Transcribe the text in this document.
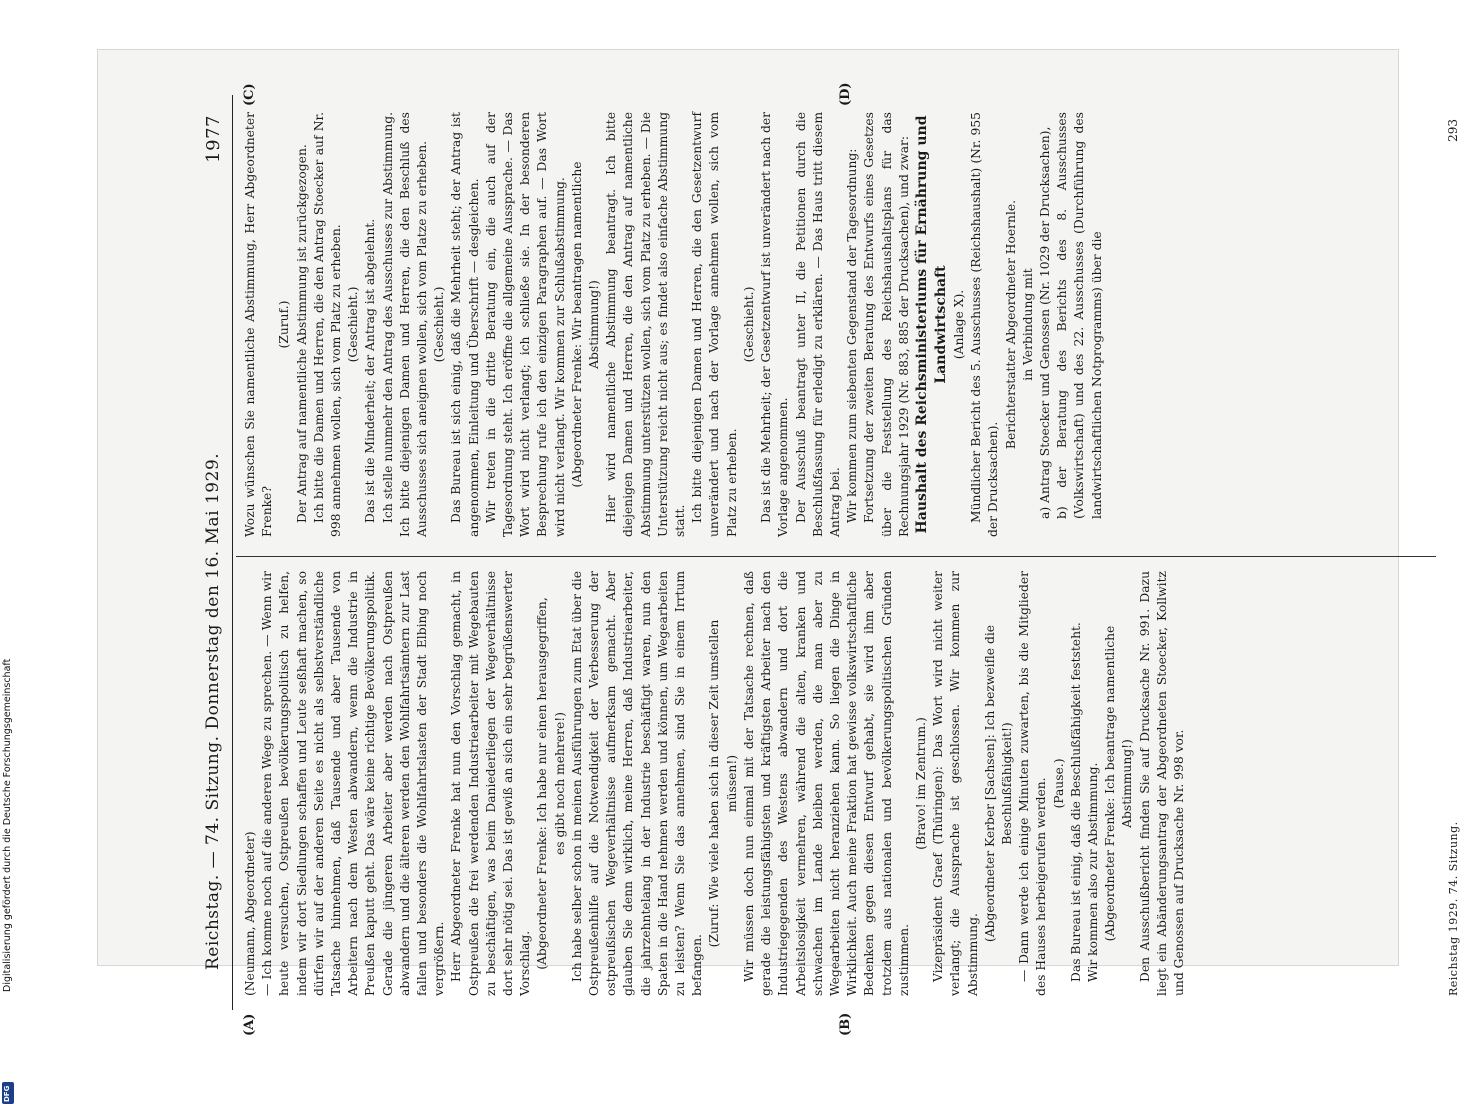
Reichstag. — 74. Sitzung. Donnerstag den 16. Mai 1929.
1977
(A)	(B)
(C)	(D)

(Neumann, Abgeordneter) — Ich komme noch auf die anderen Wege zu sprechen. — Wenn wir heute versuchen, Ostpreußen bevölkerungspolitisch zu helfen, indem wir dort Siedlungen schaffen und Leute seßhaft machen, so dürfen wir auf der anderen Seite es nicht als selbstverständliche Tatsache hinnehmen, daß Tausende und aber Tausende von Arbeitern nach dem Westen abwandern, wenn die Industrie in Preußen kaputt geht. Das wäre keine richtige Bevölkerungspolitik. Gerade die jüngeren Arbeiter aber werden nach Ostpreußen abwandern und die älteren werden den Wohlfahrtsämtern zur Last fallen und besonders die Wohlfahrtslasten der Stadt Elbing noch vergrößern. Herr Abgeordneter Frenke hat nun den Vorschlag gemacht, in Ostpreußen die frei werdenden Industriearbeiter mit Wegebauten zu beschäftigen, was beim Daniederliegen der Wegeverhältnisse dort sehr nötig sei. Das ist gewiß an sich ein sehr begrüßenswerter Vorschlag. (Abgeordneter Frenke: Ich habe nur einen herausgegriffen, es gibt noch mehrere!) Ich habe selber schon in meinen Ausführungen zum Etat über die Ostpreußenhilfe auf die Notwendigkeit der Verbesserung der ostpreußischen Wegeverhältnisse aufmerksam gemacht. Aber glauben Sie denn wirklich, meine Herren, daß Industriearbeiter, die jahrzehntelang in der Industrie beschäftigt waren, nun den Spaten in die Hand nehmen werden und können, um Wegearbeiten zu leisten? Wenn Sie das annehmen, sind Sie in einem Irrtum befangen.

(Zuruf: Wie viele haben sich in dieser Zeit umstellen müssen!) Wir müssen doch nun einmal mit der Tatsache rechnen, daß gerade die leistungsfähigsten und kräftigsten Arbeiter nach den Industriegegenden des Westens abwandern und dort die Arbeitslosigkeit vermehren, während die alten, kranken und schwachen im Lande bleiben werden, die man aber zu Wegearbeiten nicht heranziehen kann. So liegen die Dinge in Wirklichkeit. Auch meine Fraktion hat gewisse volkswirtschaftliche Bedenken gegen diesen Entwurf gehabt, sie wird ihm aber trotzdem aus nationalen und bevölkerungspolitischen Gründen zustimmen.

(Bravo! im Zentrum.) Vizepräsident Graef (Thüringen): Das Wort wird nicht weiter verlangt; die Aussprache ist geschlossen. Wir kommen zur Abstimmung.

(Abgeordneter Kerber [Sachsen]: Ich bezweifle die Beschlußfähigkeit!) — Dann werde ich einige Minuten zuwarten, bis die Mitglieder des Hauses herbeigerufen werden. (Pause.) Das Bureau ist einig, daß die Beschlußfähigkeit feststeht. Wir kommen also zur Abstimmung. (Abgeordneter Frenke: Ich beantrage namentliche Abstimmung!) Den Ausschußbericht finden Sie auf Drucksache Nr. 991. Dazu liegt ein Abänderungsantrag der Abgeordneten Stoecker, Kollwitz und Genossen auf Drucksache Nr. 998 vor.

Wozu wünschen Sie namentliche Abstimmung, Herr Abgeordneter Frenke?

(Zuruf.) Der Antrag auf namentliche Abstimmung ist zurückgezogen. Ich bitte die Damen und Herren, die den Antrag Stoecker auf Nr. 998 annehmen wollen, sich vom Platz zu erheben. (Geschieht.) Das ist die Minderheit; der Antrag ist abgelehnt. Ich stelle nunmehr den Antrag des Ausschusses zur Abstimmung. Ich bitte diejenigen Damen und Herren, die den Beschluß des Ausschusses sich aneignen wollen, sich vom Platze zu erheben. (Geschieht.) Das Bureau ist sich einig, daß die Mehrheit steht; der Antrag ist angenommen, Einleitung und Überschrift — desgleichen. Wir treten in die dritte Beratung ein, die auch auf der Tagesordnung steht. Ich eröffne die allgemeine Aussprache. — Das Wort wird nicht verlangt; ich schließe sie. In der besonderen Besprechung rufe ich den einzigen Paragraphen auf. — Das Wort wird nicht verlangt. Wir kommen zur Schlußabstimmung. (Abgeordneter Frenke: Wir beantragen namentliche Abstimmung!) Hier wird namentliche Abstimmung beantragt. Ich bitte diejenigen Damen und Herren, die den Antrag auf namentliche Abstimmung unterstützen wollen, sich vom Platz zu erheben. — Die Unterstützung reicht nicht aus; es findet also einfache Abstimmung statt. Ich bitte diejenigen Damen und Herren, die den Gesetzentwurf unverändert und nach der Vorlage annehmen wollen, sich vom Platz zu erheben.

(Geschieht.) Das ist die Mehrheit; der Gesetzentwurf ist unverändert nach der Vorlage angenommen. Der Ausschuß beantragt unter II, die Petitionen durch die Beschlußfassung für erledigt zu erklären. — Das Haus tritt diesem Antrag bei. Wir kommen zum siebenten Gegenstand der Tagesordnung: Fortsetzung der zweiten Beratung des Entwurfs eines Gesetzes über die Feststellung des Reichshaushaltsplans für das Rechnungsjahr 1929 (Nr. 883, 885 der Drucksachen), und zwar: Haushalt des Reichsministeriums für Ernährung und Landwirtschaft (Anlage X). Mündlicher Bericht des 5. Ausschusses (Reichshaushalt) (Nr. 955 der Drucksachen).

Berichterstatter Abgeordneter Hoernle. in Verbindung mit a) Antrag Stoecker und Genossen (Nr. 1029 der Drucksachen), b) der Beratung des Berichts des 8. Ausschusses (Volkswirtschaft) und des 22. Ausschusses (Durchführung des landwirtschaftlichen Notprogramms) über die

Reichstag 1929. 74. Sitzung.
293
Digitalisierung gefördert durch die Deutsche Forschungsgemeinschaft
DFG
